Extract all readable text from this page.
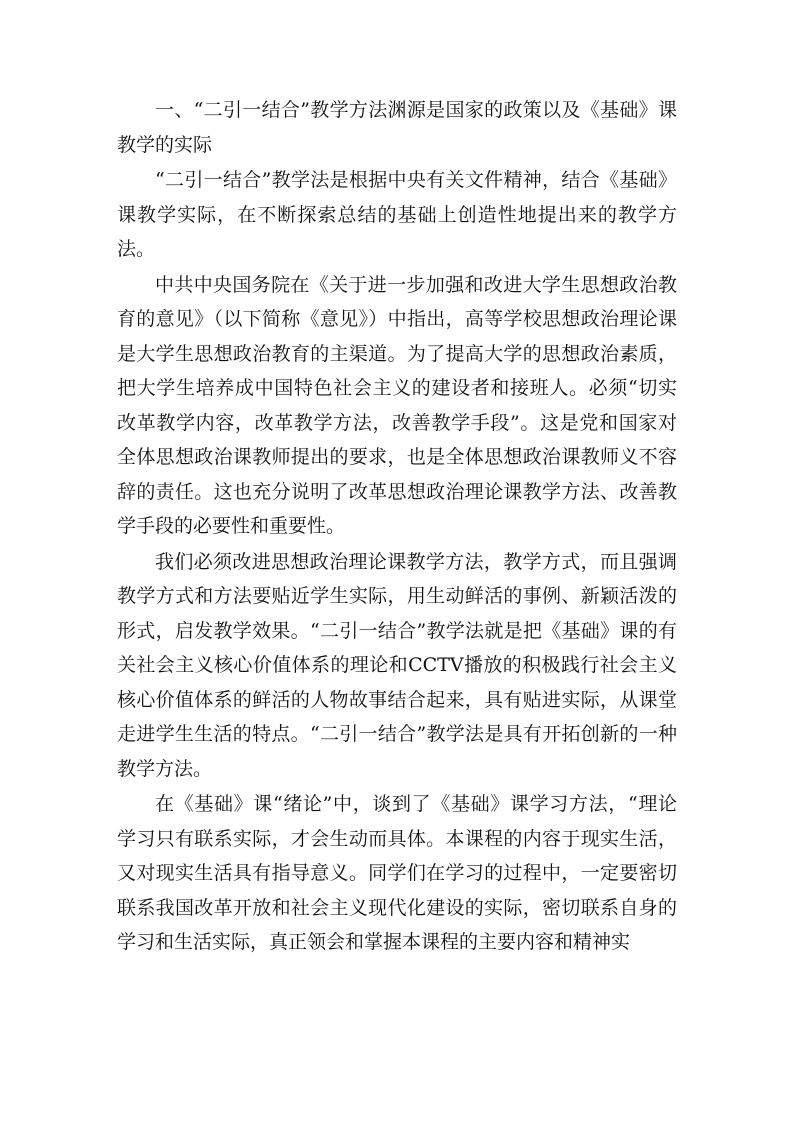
一、“二引一结合”教学方法渊源是国家的政策以及《基础》课教学的实际

“二引一结合”教学法是根据中央有关文件精神，结合《基础》课教学实际，在不断探索总结的基础上创造性地提出来的教学方法。

中共中央国务院在《关于进一步加强和改进大学生思想政治教育的意见》（以下简称《意见》）中指出，高等学校思想政治理论课是大学生思想政治教育的主渠道。为了提高大学的思想政治素质，把大学生培养成中国特色社会主义的建设者和接班人。必须“切实改革教学内容，改革教学方法，改善教学手段”。这是党和国家对全体思想政治课教师提出的要求，也是全体思想政治课教师义不容辞的责任。这也充分说明了改革思想政治理论课教学方法、改善教学手段的必要性和重要性。

我们必须改进思想政治理论课教学方法，教学方式，而且强调教学方式和方法要贴近学生实际，用生动鲜活的事例、新颖活泼的形式，启发教学效果。“二引一结合”教学法就是把《基础》课的有关社会主义核心价值体系的理论和CCTV播放的积极践行社会主义核心价值体系的鲜活的人物故事结合起来，具有贴进实际，从课堂走进学生生活的特点。“二引一结合”教学法是具有开拓创新的一种教学方法。

在《基础》课“绪论”中，谈到了《基础》课学习方法，“理论学习只有联系实际，才会生动而具体。本课程的内容于现实生活，又对现实生活具有指导意义。同学们在学习的过程中，一定要密切联系我国改革开放和社会主义现代化建设的实际，密切联系自身的学习和生活实际，真正领会和掌握本课程的主要内容和精神实
